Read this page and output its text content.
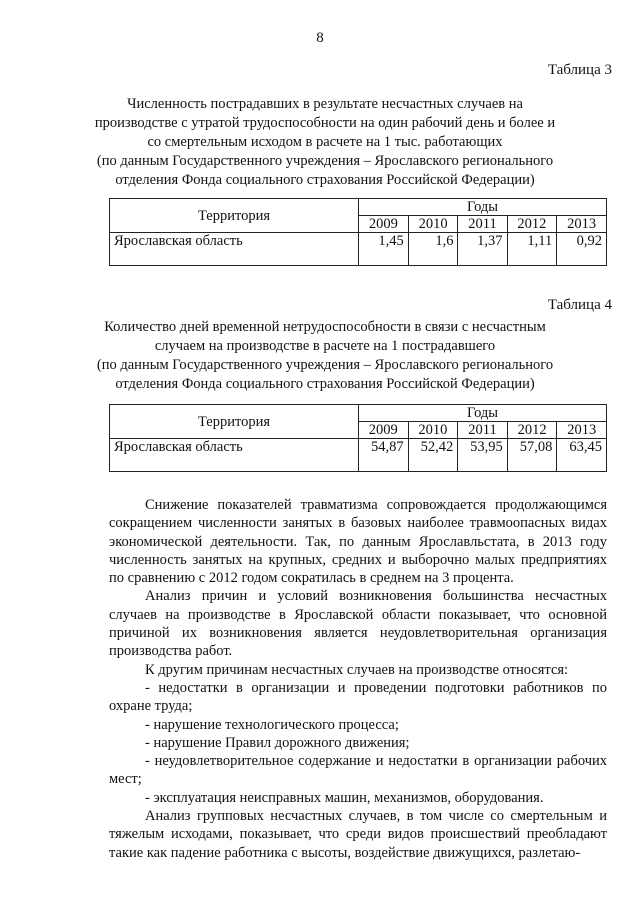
8
Таблица 3
Численность пострадавших в результате несчастных случаев на
производстве с утратой трудоспособности на один рабочий день и более и
со смертельным исходом в расчете на 1 тыс. работающих
(по данным Государственного учреждения – Ярославского регионального
отделения Фонда социального страхования Российской Федерации)
Территория	Годы				
	2009	2010	2011	2012	2013
Ярославская область	1,45	1,6	1,37	1,11	0,92
Таблица 4
Количество дней временной нетрудоспособности в связи с несчастным
случаем на производстве в расчете на 1 пострадавшего
(по данным Государственного учреждения – Ярославского регионального
отделения Фонда социального страхования Российской Федерации)
Территория	Годы				
	2009	2010	2011	2012	2013
Ярославская область	54,87	52,42	53,95	57,08	63,45

Снижение показателей травматизма сопровождается продолжающимся сокращением численности занятых в базовых наиболее травмоопасных видах экономической деятельности. Так, по данным Ярославльстата, в 2013 году численность занятых на крупных, средних и выборочно малых предприятиях по сравнению с 2012 годом сократилась в среднем на 3 процента.

Анализ причин и условий возникновения большинства несчастных случаев на производстве в Ярославской области показывает, что основной причиной их возникновения является неудовлетворительная организация производства работ.

К другим причинам несчастных случаев на производстве относятся:

- недостатки в организации и проведении подготовки работников по охране труда;

- нарушение технологического процесса;

- нарушение Правил дорожного движения;

- неудовлетворительное содержание и недостатки в организации рабочих мест;

- эксплуатация неисправных машин, механизмов, оборудования.

Анализ групповых несчастных случаев, в том числе со смертельным и тяжелым исходами, показывает, что среди видов происшествий преобладают такие как падение работника с высоты, воздействие движущихся, разлетаю-
